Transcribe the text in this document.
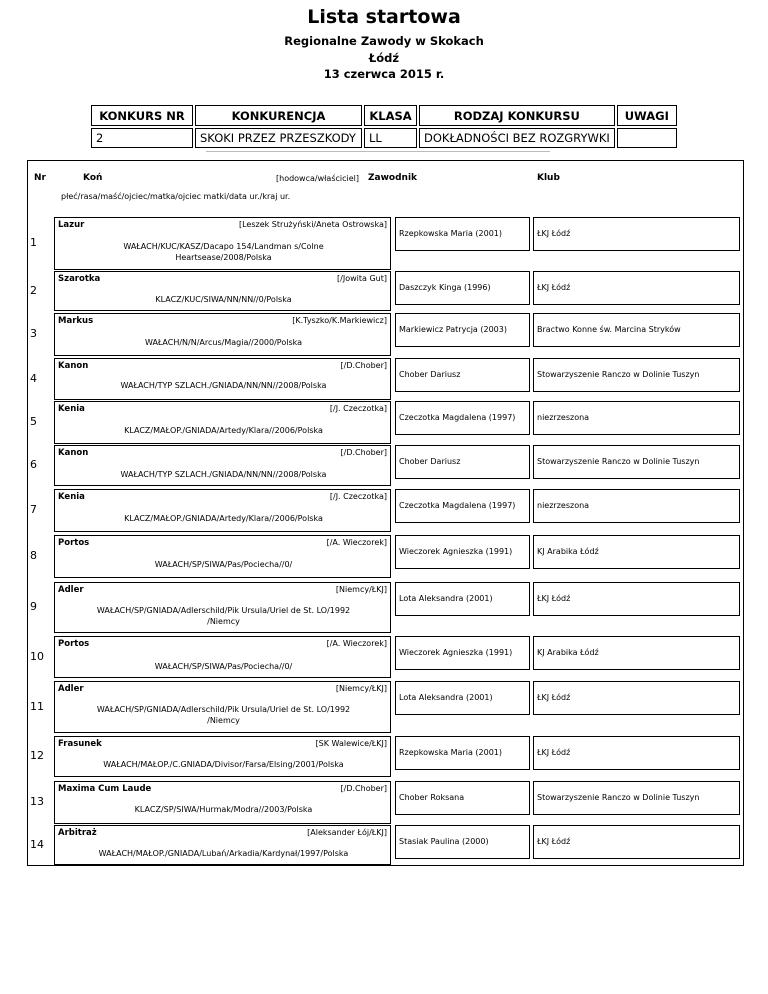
Lista startowa
Regionalne Zawody w Skokach
Łódź
13 czerwca 2015 r.
KONKURS NR	KONKURENCJA	KLASA	RODZAJ KONKURSU	UWAGI
2	SKOKI PRZEZ PRZESZKODY	LL	DOKŁADNOŚCI BEZ ROZGRYWKI	
Nr	Koń	[hodowca/właściciel] Zawodnik	Klub
płeć/rasa/maść/ojciec/matka/ojciec matki/data ur./kraj ur.
1
Lazur	[Leszek Strużyński/Aneta Ostrowska]
WAŁACH/KUC/KASZ/Dacapo 154/Landman s/Colne Heartsease/2008/Polska
Rzepkowska Maria (2001)	ŁKJ Łódź
2
Szarotka	[/Jowita Gut]
KLACZ/KUC/SIWA/NN/NN//0/Polska
Daszczyk Kinga (1996)	ŁKJ Łódź
3
Markus	[K.Tyszko/K.Markiewicz]
WAŁACH/N/N/Arcus/Magia//2000/Polska
Markiewicz Patrycja (2003)	Bractwo Konne św. Marcina Stryków
4
Kanon	[/D.Chober]
WAŁACH/TYP SZLACH./GNIADA/NN/NN//2008/Polska
Chober Dariusz	Stowarzyszenie Ranczo w Dolinie Tuszyn
5
Kenia	[/J. Czeczotka]
KLACZ/MAŁOP./GNIADA/Artedy/Klara//2006/Polska
Czeczotka Magdalena (1997)	niezrzeszona
6
Kanon	[/D.Chober]
WAŁACH/TYP SZLACH./GNIADA/NN/NN//2008/Polska
Chober Dariusz	Stowarzyszenie Ranczo w Dolinie Tuszyn
7
Kenia	[/J. Czeczotka]
KLACZ/MAŁOP./GNIADA/Artedy/Klara//2006/Polska
Czeczotka Magdalena (1997)	niezrzeszona
8
Portos	[/A. Wieczorek]
WAŁACH/SP/SIWA/Pas/Pociecha//0/
Wieczorek Agnieszka (1991)	KJ Arabika Łódź
9
Adler	[Niemcy/ŁKJ]
WAŁACH/SP/GNIADA/Adlerschild/Pik Ursula/Uriel de St. LO/1992 /Niemcy
Lota Aleksandra (2001)	ŁKJ Łódź
10
Portos	[/A. Wieczorek]
WAŁACH/SP/SIWA/Pas/Pociecha//0/
Wieczorek Agnieszka (1991)	KJ Arabika Łódź
11
Adler	[Niemcy/ŁKJ]
WAŁACH/SP/GNIADA/Adlerschild/Pik Ursula/Uriel de St. LO/1992 /Niemcy
Lota Aleksandra (2001)	ŁKJ Łódź
12
Frasunek	[SK Walewice/ŁKJ]
WAŁACH/MAŁOP./C.GNIADA/Divisor/Farsa/Elsing/2001/Polska
Rzepkowska Maria (2001)	ŁKJ Łódź
13
Maxima Cum Laude	[/D.Chober]
KLACZ/SP/SIWA/Hurmak/Modra//2003/Polska
Chober Roksana	Stowarzyszenie Ranczo w Dolinie Tuszyn
14
Arbitraż	[Aleksander Łój/ŁKJ]
WAŁACH/MAŁOP./GNIADA/Lubań/Arkadia/Kardynał/1997/Polska
Stasiak Paulina (2000)	ŁKJ Łódź
